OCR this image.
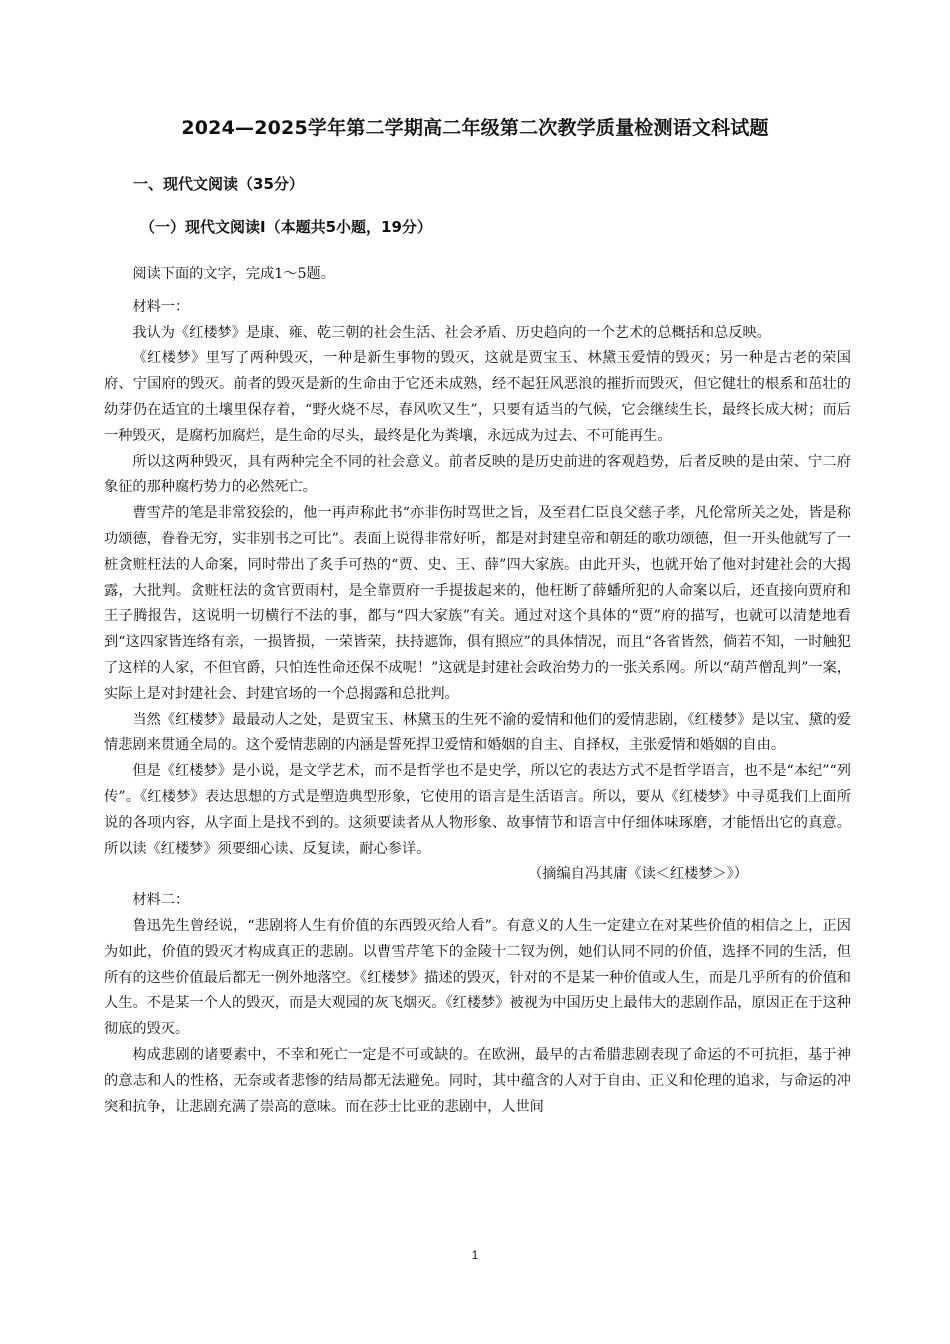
2024—2025学年第二学期高二年级第二次教学质量检测语文科试题
一、现代文阅读（35分）
（一）现代文阅读Ⅰ（本题共5小题，19分）

阅读下面的文字，完成1～5题。

材料一：

我认为《红楼梦》是康、雍、乾三朝的社会生活、社会矛盾、历史趋向的一个艺术的总概括和总反映。

《红楼梦》里写了两种毁灭，一种是新生事物的毁灭，这就是贾宝玉、林黛玉爱情的毁灭；另一种是古老的荣国府、宁国府的毁灭。前者的毁灭是新的生命由于它还未成熟，经不起狂风恶浪的摧折而毁灭，但它健壮的根系和茁壮的幼芽仍在适宜的土壤里保存着，“野火烧不尽，春风吹又生”，只要有适当的气候，它会继续生长，最终长成大树；而后一种毁灭，是腐朽加腐烂，是生命的尽头，最终是化为粪壤，永远成为过去、不可能再生。

所以这两种毁灭，具有两种完全不同的社会意义。前者反映的是历史前进的客观趋势，后者反映的是由荣、宁二府象征的那种腐朽势力的必然死亡。

曹雪芹的笔是非常狡狯的，他一再声称此书“亦非伤时骂世之旨，及至君仁臣良父慈子孝，凡伦常所关之处，皆是称功颂德，眷眷无穷，实非别书之可比”。表面上说得非常好听，都是对封建皇帝和朝廷的歌功颂德，但一开头他就写了一桩贪赃枉法的人命案，同时带出了炙手可热的“贾、史、王、薛”四大家族。由此开头，也就开始了他对封建社会的大揭露，大批判。贪赃枉法的贪官贾雨村，是全靠贾府一手提拔起来的，他枉断了薛蟠所犯的人命案以后，还直接向贾府和王子腾报告，这说明一切横行不法的事，都与“四大家族”有关。通过对这个具体的“贾”府的描写，也就可以清楚地看到“这四家皆连络有亲，一损皆损，一荣皆荣，扶持遮饰，俱有照应”的具体情况，而且“各省皆然，倘若不知，一时触犯了这样的人家，不但官爵，只怕连性命还保不成呢！”这就是封建社会政治势力的一张关系网。所以“葫芦僧乱判”一案，实际上是对封建社会、封建官场的一个总揭露和总批判。

当然《红楼梦》最最动人之处，是贾宝玉、林黛玉的生死不渝的爱情和他们的爱情悲剧，《红楼梦》是以宝、黛的爱情悲剧来贯通全局的。这个爱情悲剧的内涵是誓死捍卫爱情和婚姻的自主、自择权，主张爱情和婚姻的自由。

但是《红楼梦》是小说，是文学艺术，而不是哲学也不是史学，所以它的表达方式不是哲学语言，也不是“本纪”“列传”。《红楼梦》表达思想的方式是塑造典型形象，它使用的语言是生活语言。所以，要从《红楼梦》中寻觅我们上面所说的各项内容，从字面上是找不到的。这须要读者从人物形象、故事情节和语言中仔细体味琢磨，才能悟出它的真意。所以读《红楼梦》须要细心读、反复读，耐心参详。

（摘编自冯其庸《读＜红楼梦＞》）

材料二：

鲁迅先生曾经说，“悲剧将人生有价值的东西毁灭给人看”。有意义的人生一定建立在对某些价值的相信之上，正因为如此，价值的毁灭才构成真正的悲剧。以曹雪芹笔下的金陵十二钗为例，她们认同不同的价值，选择不同的生活，但所有的这些价值最后都无一例外地落空。《红楼梦》描述的毁灭，针对的不是某一种价值或人生，而是几乎所有的价值和人生。不是某一个人的毁灭，而是大观园的灰飞烟灭。《红楼梦》被视为中国历史上最伟大的悲剧作品，原因正在于这种彻底的毁灭。

构成悲剧的诸要素中，不幸和死亡一定是不可或缺的。在欧洲，最早的古希腊悲剧表现了命运的不可抗拒，基于神的意志和人的性格，无奈或者悲惨的结局都无法避免。同时，其中蕴含的人对于自由、正义和伦理的追求，与命运的冲突和抗争，让悲剧充满了崇高的意味。而在莎士比亚的悲剧中，人世间

1
